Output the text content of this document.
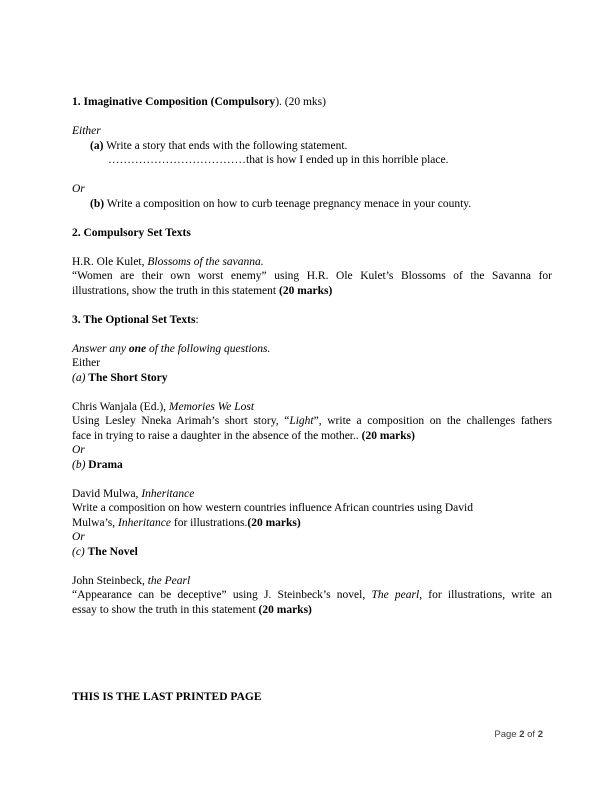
1. Imaginative Composition (Compulsory). (20 mks)

Either
(a) Write a story that ends with the following statement.
………………………………that is how I ended up in this horrible place.

Or
(b) Write a composition on how to curb teenage pregnancy menace in your county.

2. Compulsory Set Texts

H.R. Ole Kulet, Blossoms of the savanna.
“Women are their own worst enemy” using H.R. Ole Kulet’s Blossoms of the Savanna for
illustrations, show the truth in this statement (20 marks)

3. The Optional Set Texts:

Answer any one of the following questions.
Either
(a) The Short Story

Chris Wanjala (Ed.), Memories We Lost
Using Lesley Nneka Arimah’s short story, “Light”, write a composition on the challenges fathers
face in trying to raise a daughter in the absence of the mother.. (20 marks)
Or
(b) Drama

David Mulwa, Inheritance
Write a composition on how western countries influence African countries using David
Mulwa’s, Inheritance for illustrations.(20 marks)
Or
(c) The Novel

John Steinbeck, the Pearl
“Appearance can be deceptive” using J. Steinbeck’s novel, The pearl, for illustrations, write an
essay to show the truth in this statement (20 marks)

THIS IS THE LAST PRINTED PAGE
Page 2 of 2
